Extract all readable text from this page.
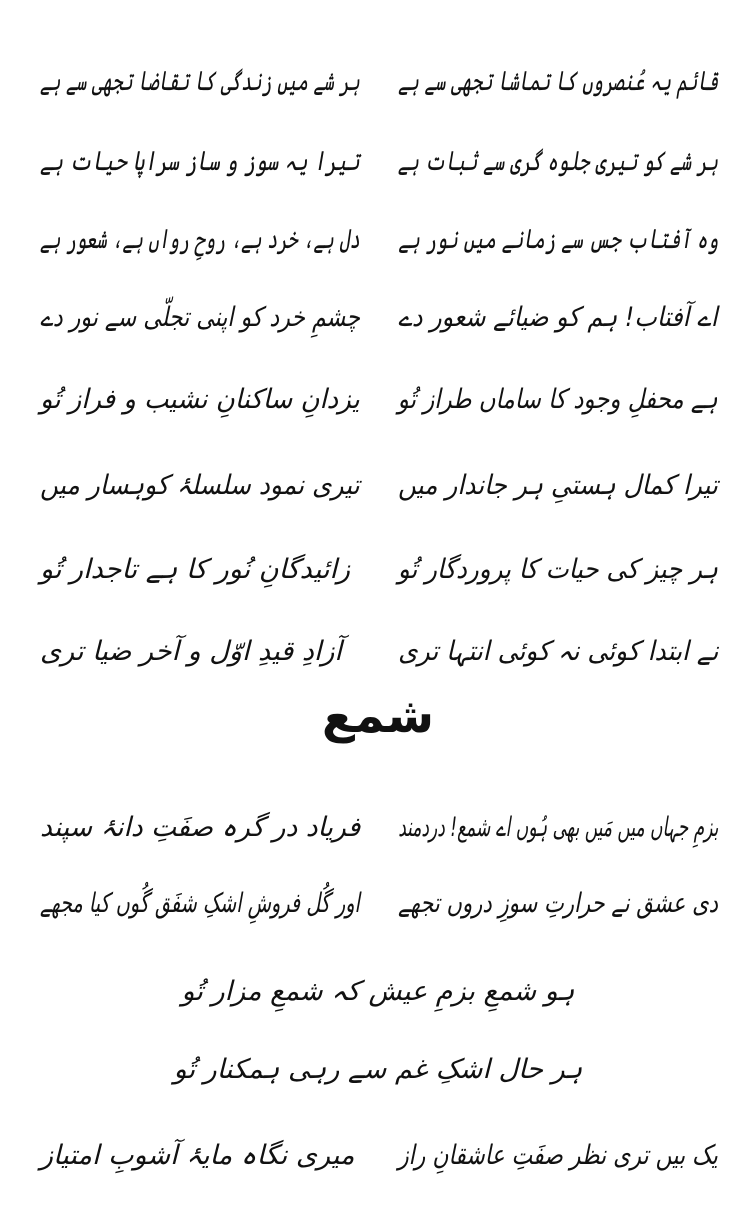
قائم یہ عُنصروں کا تماشا تجھی سے ہے
ہر شے میں زندگی کا تقاضا تجھی سے ہے
ہر شے کو تیری جلوہ گری سے ثبات ہے
تیرا یہ سوز و ساز سراپا حیات ہے
وہ آفتاب جس سے زمانے میں نور ہے
دل ہے، خرد ہے، روحِ رواں ہے، شعور ہے
اے آفتاب! ہم کو ضیائے شعور دے
چشمِ خرد کو اپنی تجلّی سے نور دے
ہے محفلِ وجود کا ساماں طراز تُو
یزدانِ ساکنانِ نشیب و فراز تُو
تیرا کمال ہستیِ ہر جاندار میں
تیری نمود سلسلۂ کوہسار میں
ہر چیز کی حیات کا پروردگار تُو
زائیدگانِ نُور کا ہے تاجدار تُو
نے ابتدا کوئی نہ کوئی انتہا تری
آزادِ قیدِ اوّل و آخر ضیا تری
شمع
بزمِ جہاں میں مَیں بھی ہُوں اے شمع! دردمند
فریاد در گرہ صفَتِ دانۂ سپند
دی عشق نے حرارتِ سوزِ دروں تجھے
اور گُل فروشِ اشکِ شفَق گُوں کیا مجھے
ہو شمعِ بزمِ عیش کہ شمعِ مزار تُو
ہر حال اشکِ غم سے رہی ہمکنار تُو
یک بیں تری نظر صفَتِ عاشقانِ راز
میری نگاہ مایۂ آشوبِ امتیاز
